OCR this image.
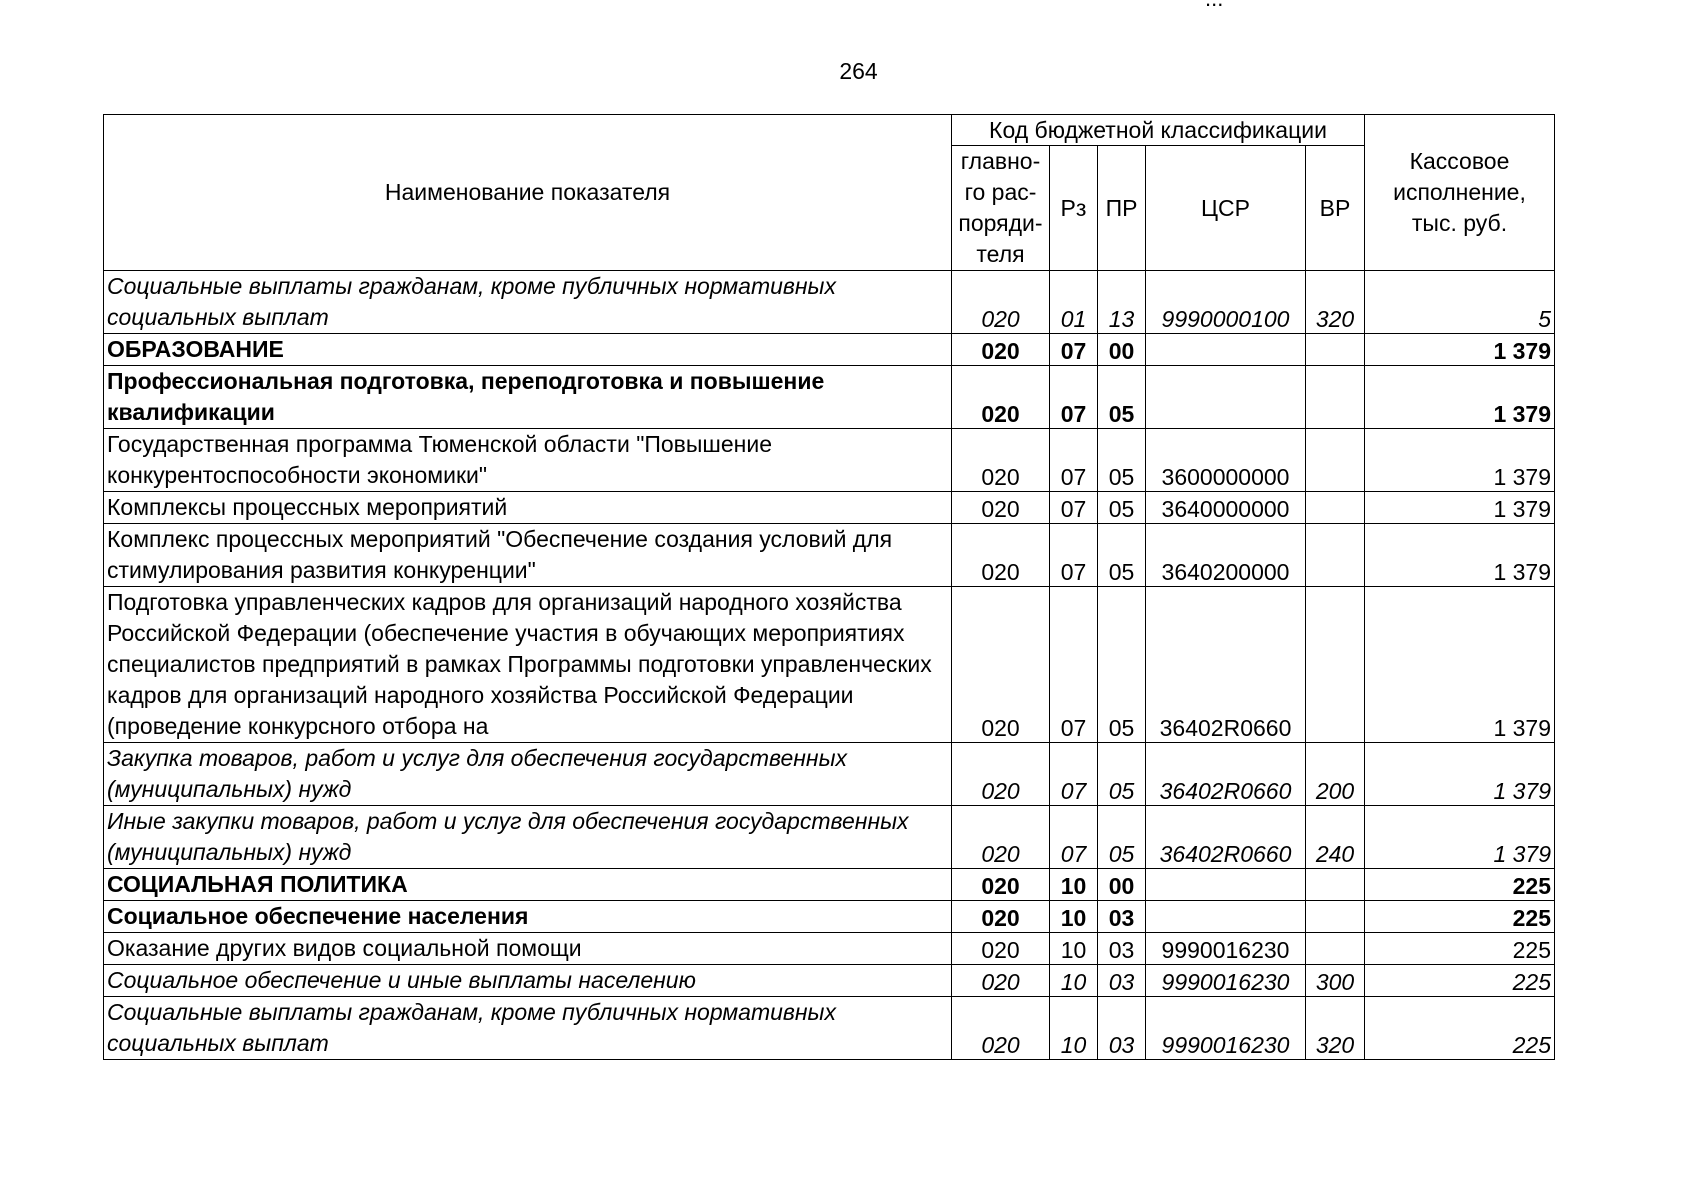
264
Наименование показателя	Код бюджетной классификации					Кассовое исполнение, тыс. руб.
	главно-го рас-поряди-теля	Рз	ПР	ЦСР	ВР	
Социальные выплаты гражданам, кроме публичных нормативных социальных выплат	020	01	13	9990000100	320	5
ОБРАЗОВАНИЕ	020	07	00			1 379
Профессиональная подготовка, переподготовка и повышение квалификации	020	07	05			1 379
Государственная программа Тюменской области "Повышение конкурентоспособности экономики"	020	07	05	3600000000		1 379
Комплексы процессных мероприятий	020	07	05	3640000000		1 379
Комплекс процессных мероприятий "Обеспечение создания условий для стимулирования развития конкуренции"	020	07	05	3640200000		1 379
Подготовка управленческих кадров для организаций народного хозяйства Российской Федерации (обеспечение участия в обучающих мероприятиях специалистов предприятий в рамках Программы подготовки управленческих кадров для организаций народного хозяйства Российской Федерации (проведение конкурсного отбора на	020	07	05	36402R0660		1 379
Закупка товаров, работ и услуг для обеспечения государственных (муниципальных) нужд	020	07	05	36402R0660	200	1 379
Иные закупки товаров, работ и услуг для обеспечения государственных (муниципальных) нужд	020	07	05	36402R0660	240	1 379
СОЦИАЛЬНАЯ ПОЛИТИКА	020	10	00			225
Социальное обеспечение населения	020	10	03			225
Оказание других видов социальной помощи	020	10	03	9990016230		225
Социальное обеспечение и иные выплаты населению	020	10	03	9990016230	300	225
Социальные выплаты гражданам, кроме публичных нормативных социальных выплат	020	10	03	9990016230	320	225
